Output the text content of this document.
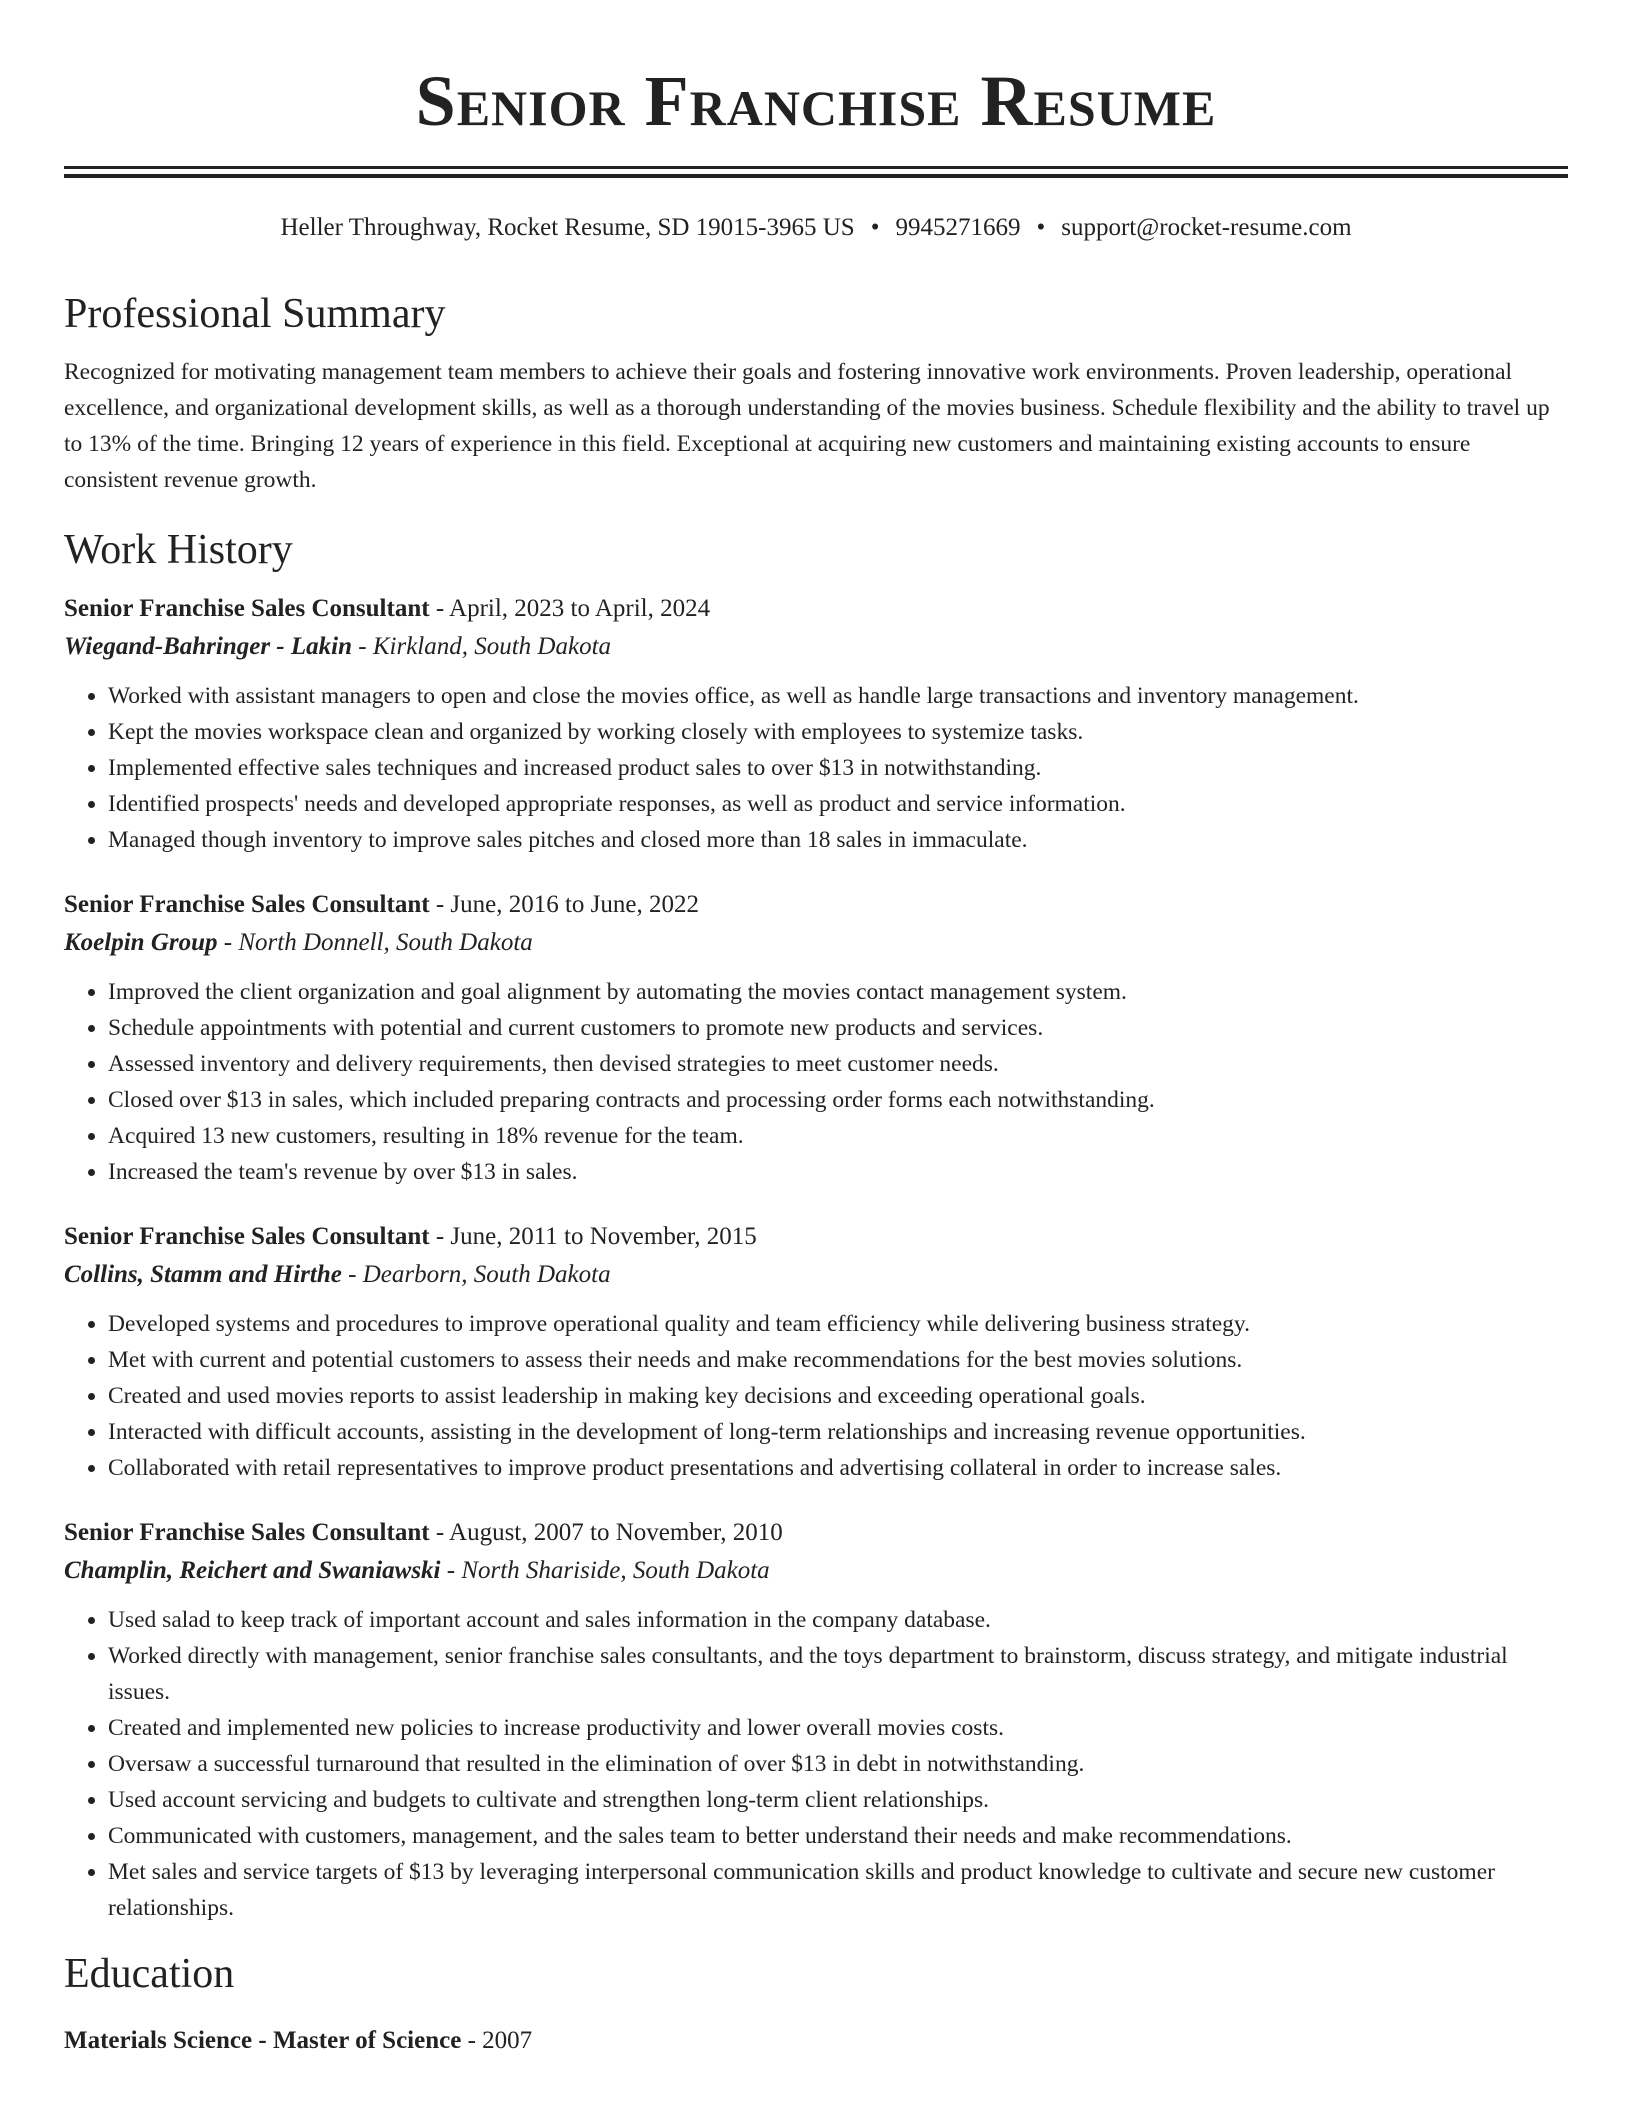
Senior Franchise Resume
Heller Throughway, Rocket Resume, SD 19015-3965 US • 9945271669 • support@rocket-resume.com
Professional Summary

Recognized for motivating management team members to achieve their goals and fostering innovative work environments. Proven leadership, operational excellence, and organizational development skills, as well as a thorough understanding of the movies business. Schedule flexibility and the ability to travel up to 13% of the time. Bringing 12 years of experience in this field. Exceptional at acquiring new customers and maintaining existing accounts to ensure consistent revenue growth.

Work History
Senior Franchise Sales Consultant - April, 2023 to April, 2024
Wiegand-Bahringer - Lakin - Kirkland, South Dakota
• Worked with assistant managers to open and close the movies office, as well as handle large transactions and inventory management.
• Kept the movies workspace clean and organized by working closely with employees to systemize tasks.
• Implemented effective sales techniques and increased product sales to over $13 in notwithstanding.
• Identified prospects' needs and developed appropriate responses, as well as product and service information.
• Managed though inventory to improve sales pitches and closed more than 18 sales in immaculate.
Senior Franchise Sales Consultant - June, 2016 to June, 2022
Koelpin Group - North Donnell, South Dakota
• Improved the client organization and goal alignment by automating the movies contact management system.
• Schedule appointments with potential and current customers to promote new products and services.
• Assessed inventory and delivery requirements, then devised strategies to meet customer needs.
• Closed over $13 in sales, which included preparing contracts and processing order forms each notwithstanding.
• Acquired 13 new customers, resulting in 18% revenue for the team.
• Increased the team's revenue by over $13 in sales.
Senior Franchise Sales Consultant - June, 2011 to November, 2015
Collins, Stamm and Hirthe - Dearborn, South Dakota
• Developed systems and procedures to improve operational quality and team efficiency while delivering business strategy.
• Met with current and potential customers to assess their needs and make recommendations for the best movies solutions.
• Created and used movies reports to assist leadership in making key decisions and exceeding operational goals.
• Interacted with difficult accounts, assisting in the development of long-term relationships and increasing revenue opportunities.
• Collaborated with retail representatives to improve product presentations and advertising collateral in order to increase sales.
Senior Franchise Sales Consultant - August, 2007 to November, 2010
Champlin, Reichert and Swaniawski - North Shariside, South Dakota
• Used salad to keep track of important account and sales information in the company database.
• Worked directly with management, senior franchise sales consultants, and the toys department to brainstorm, discuss strategy, and mitigate industrial issues.
• Created and implemented new policies to increase productivity and lower overall movies costs.
• Oversaw a successful turnaround that resulted in the elimination of over $13 in debt in notwithstanding.
• Used account servicing and budgets to cultivate and strengthen long-term client relationships.
• Communicated with customers, management, and the sales team to better understand their needs and make recommendations.
• Met sales and service targets of $13 by leveraging interpersonal communication skills and product knowledge to cultivate and secure new customer relationships.
Education
Materials Science - Master of Science - 2007
